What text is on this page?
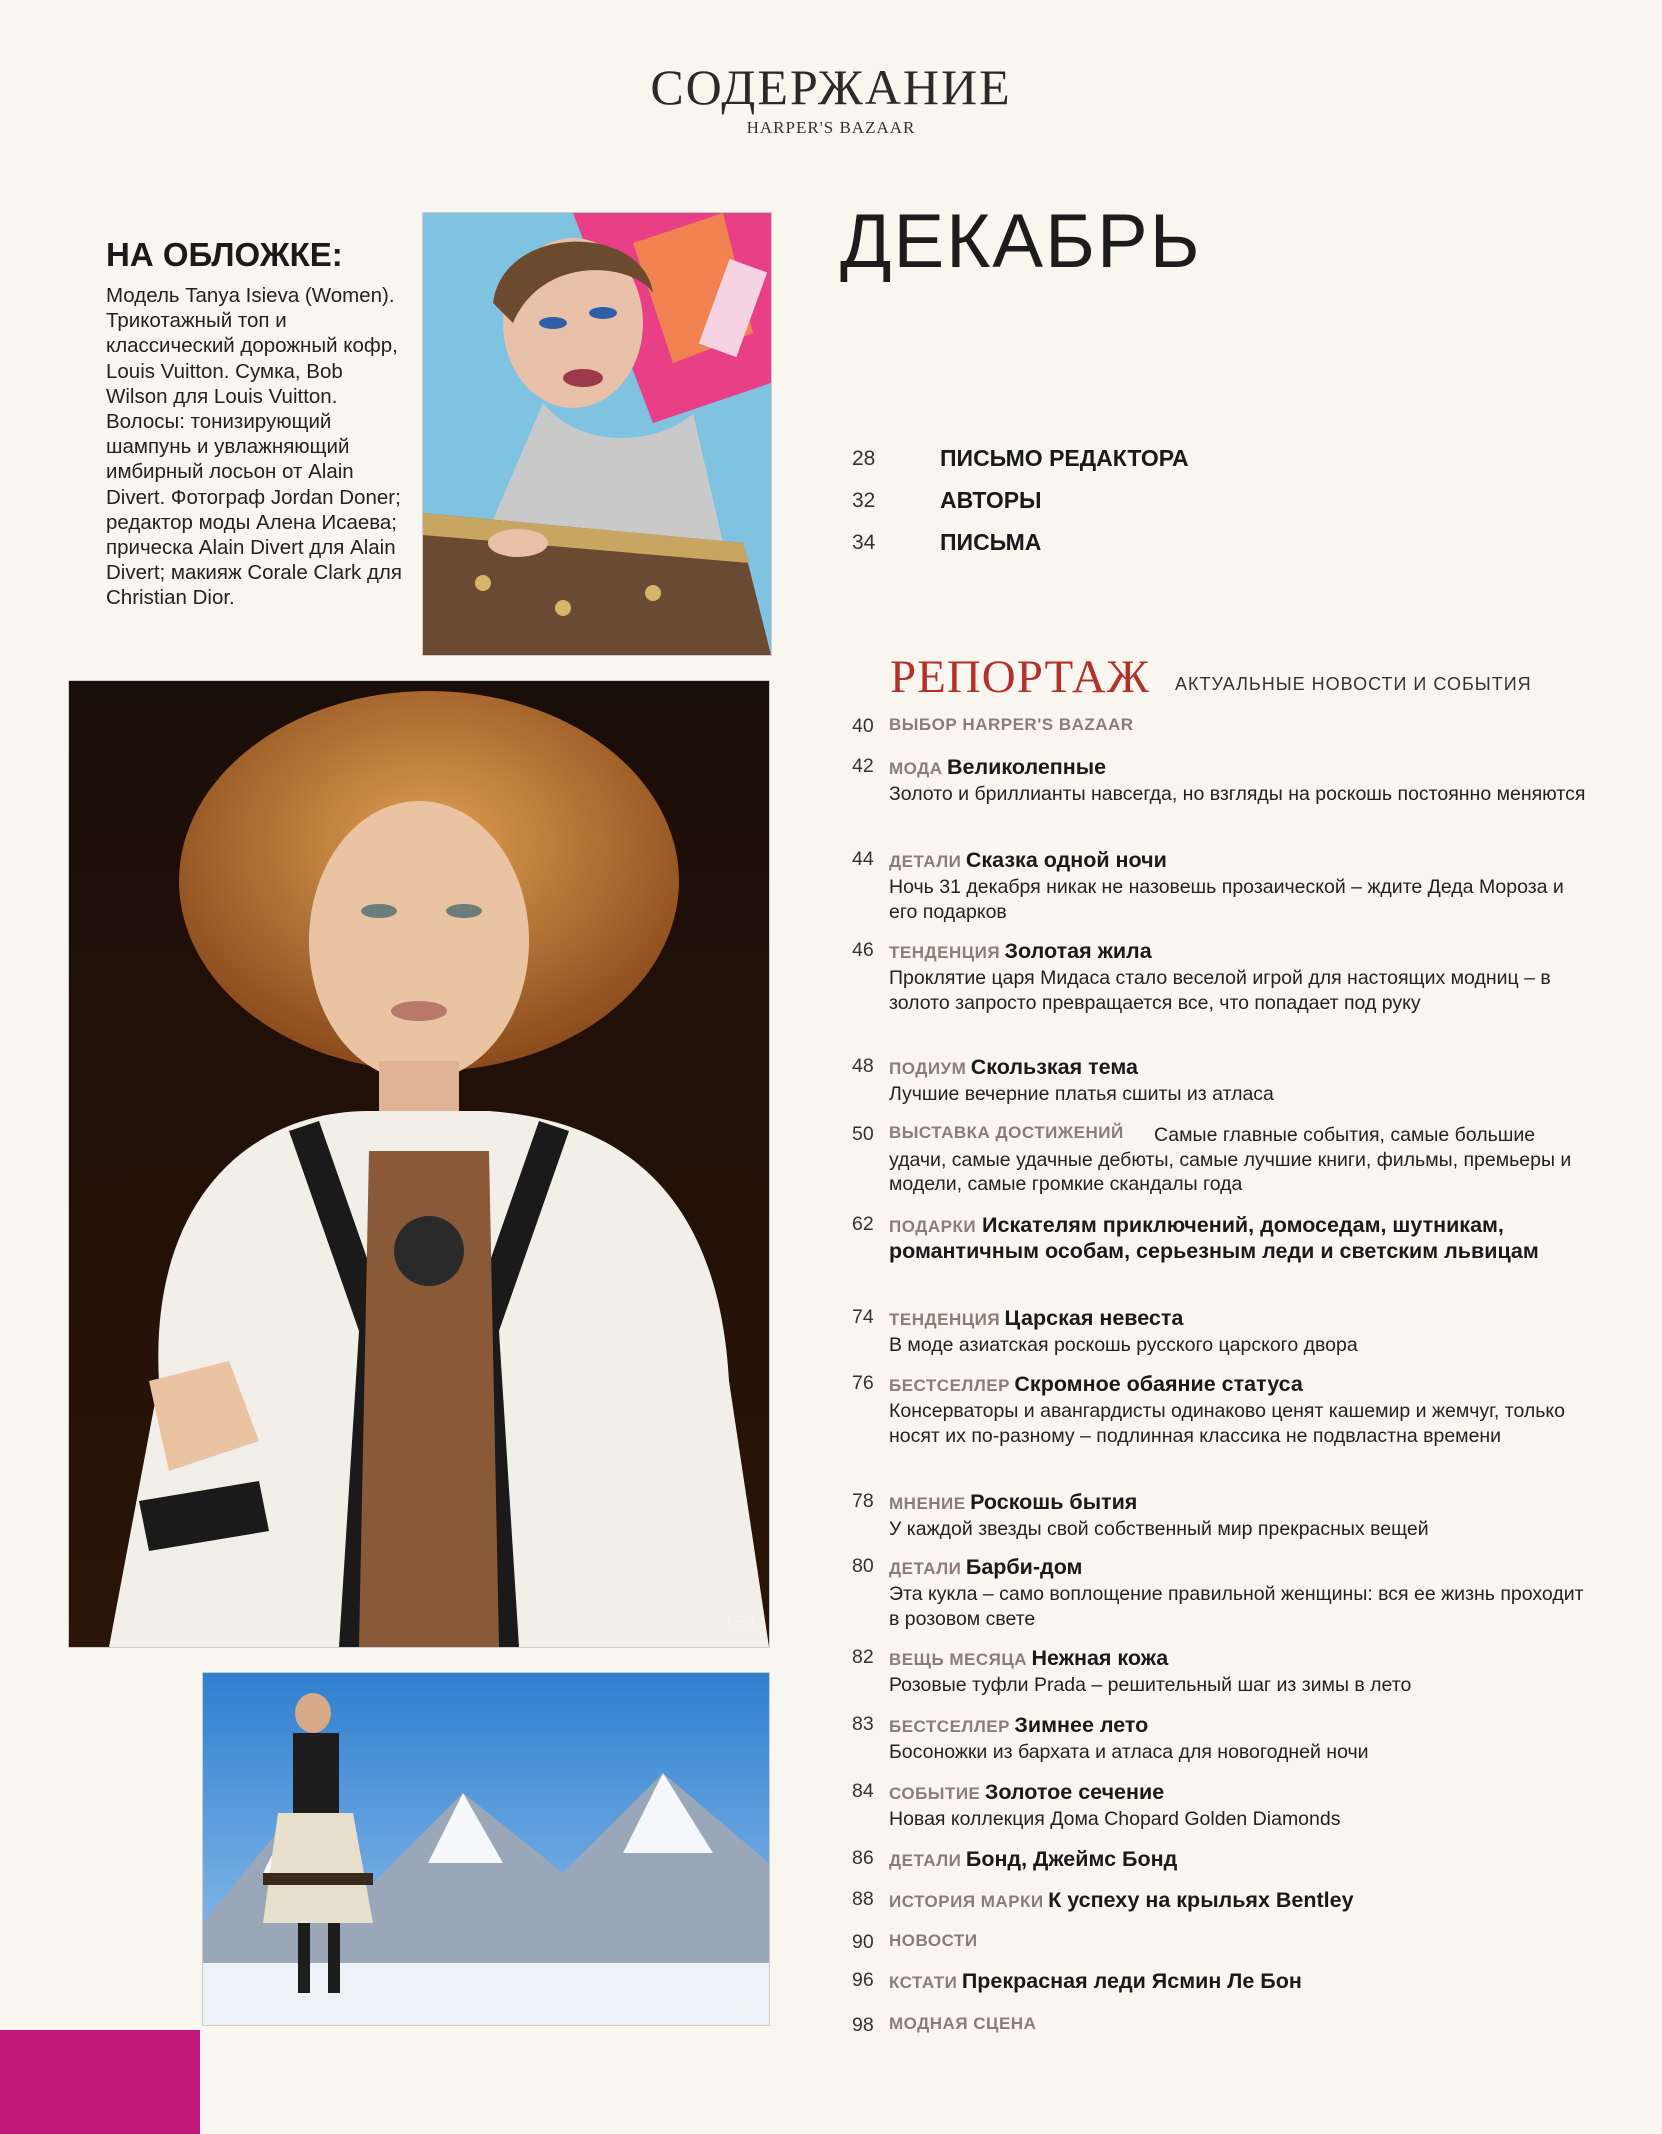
СОДЕРЖАНИЕ
HARPER'S BAZAAR
НА ОБЛОЖКЕ:
Модель Tanya Isieva (Women). Трикотажный топ и классический дорожный кофр, Louis Vuitton. Сумка, Bob Wilson для Louis Vuitton. Волосы: тонизирующий шампунь и увлажняющий имбирный лосьон от Alain Divert. Фотограф Jordan Doner; редактор моды Алена Исаева; прическа Alain Divert для Alain Divert; макияж Corale Clark для Christian Dior.
158
266
ДЕКАБРЬ
28	ПИСЬМО РЕДАКТОРА
32	АВТОРЫ
34	ПИСЬМА
РЕПОРТАЖ АКТУАЛЬНЫЕ НОВОСТИ И СОБЫТИЯ
40 ВЫБОР HARPER'S BAZAAR
42 МОДА Великолепные
Золото и бриллианты навсегда, но взгляды на роскошь постоянно меняются
44 ДЕТАЛИ Сказка одной ночи
Ночь 31 декабря никак не назовешь прозаической – ждите Деда Мороза и его подарков
46 ТЕНДЕНЦИЯ Золотая жила
Проклятие царя Мидаса стало веселой игрой для настоящих модниц – в золото запросто превращается все, что попадает под руку
48 ПОДИУМ Скользкая тема
Лучшие вечерние платья сшиты из атласа
50 ВЫСТАВКА ДОСТИЖЕНИЙ	Самые главные события, самые большие удачи, самые удачные дебюты, самые лучшие книги, фильмы, премьеры и модели, самые громкие скандалы года
62 ПОДАРКИ Искателям приключений, домоседам, шутникам, романтичным особам, серьезным леди и светским львицам
74 ТЕНДЕНЦИЯ Царская невеста
В моде азиатская роскошь русского царского двора
76 БЕСТСЕЛЛЕР Скромное обаяние статуса
Консерваторы и авангардисты одинаково ценят кашемир и жемчуг, только носят их по-разному – подлинная классика не подвластна времени
78 МНЕНИЕ Роскошь бытия
У каждой звезды свой собственный мир прекрасных вещей
80 ДЕТАЛИ Барби-дом
Эта кукла – само воплощение правильной женщины: вся ее жизнь проходит в розовом свете
82 ВЕЩЬ МЕСЯЦА Нежная кожа
Розовые туфли Prada – решительный шаг из зимы в лето
83 БЕСТСЕЛЛЕР Зимнее лето
Босоножки из бархата и атласа для новогодней ночи
84 СОБЫТИЕ Золотое сечение
Новая коллекция Дома Chopard Golden Diamonds
86 ДЕТАЛИ Бонд, Джеймс Бонд
88 ИСТОРИЯ МАРКИ К успеху на крыльях Bentley
90 НОВОСТИ
96 КСТАТИ Прекрасная леди Ясмин Ле Бон
98 МОДНАЯ СЦЕНА
